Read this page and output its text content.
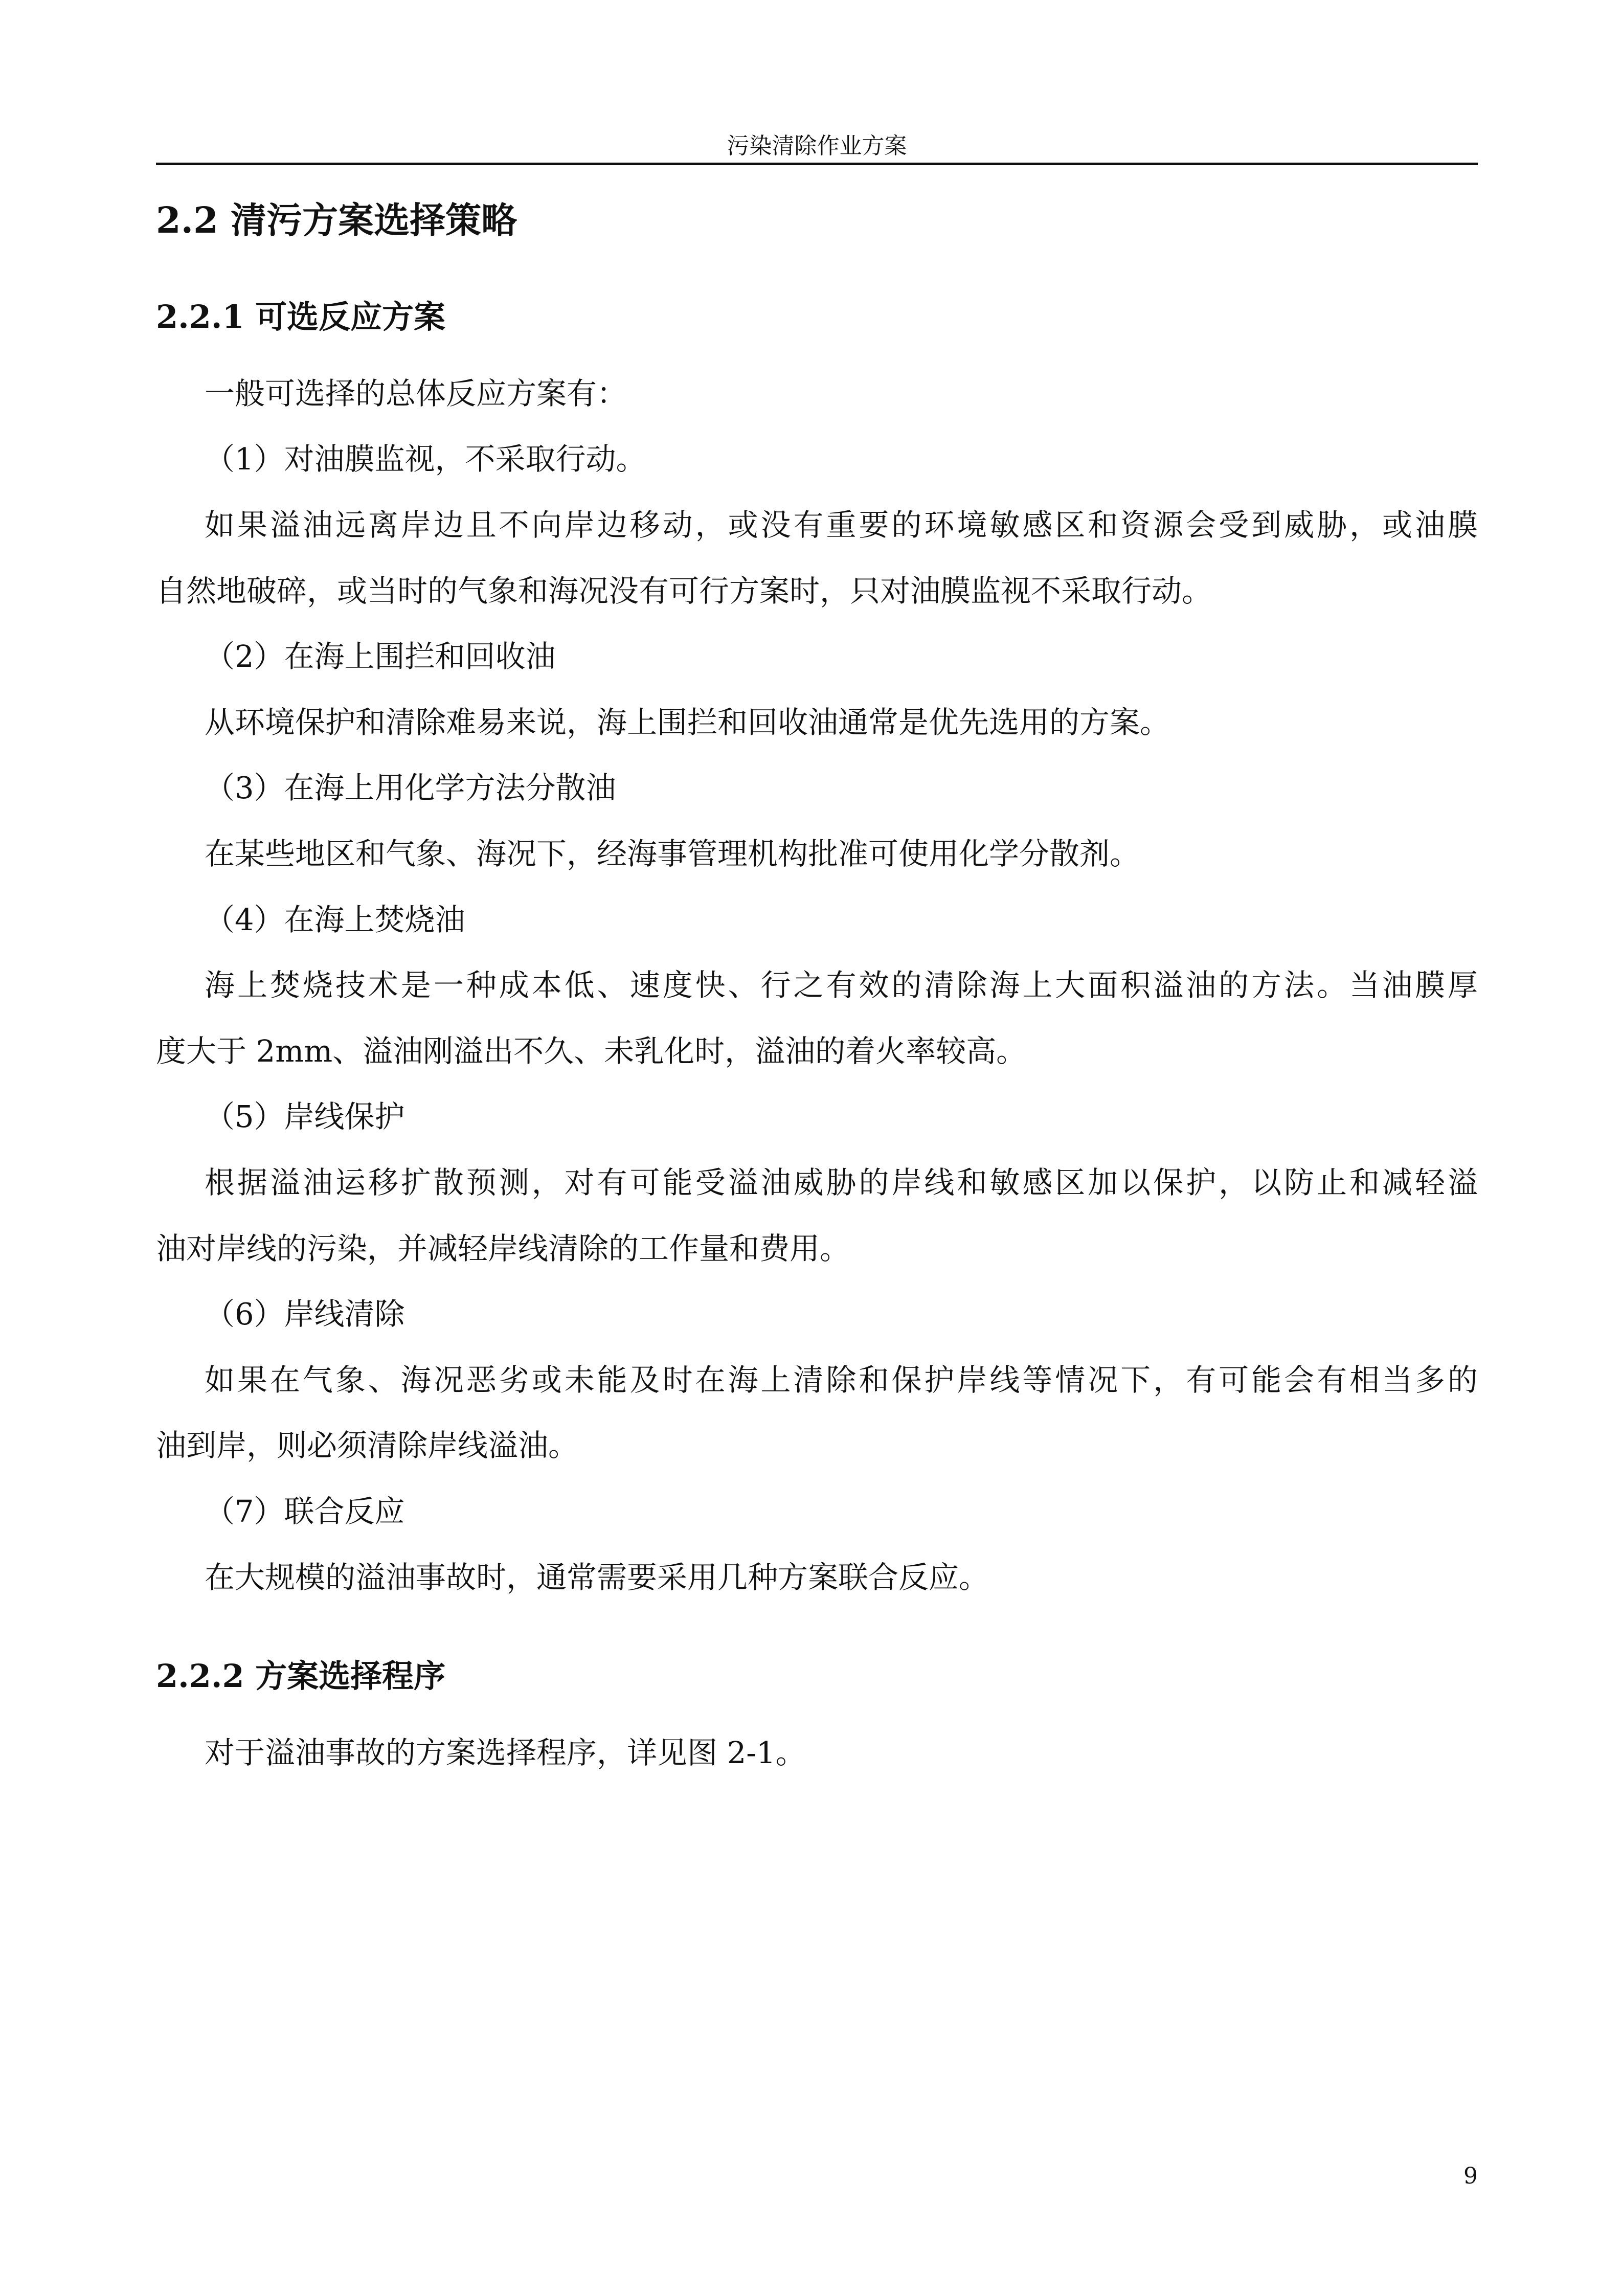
污染清除作业方案
2.2 清污方案选择策略
2.2.1 可选反应方案
一般可选择的总体反应方案有：
（1）对油膜监视，不采取行动。
如果溢油远离岸边且不向岸边移动，或没有重要的环境敏感区和资源会受到威胁，或油膜
自然地破碎，或当时的气象和海况没有可行方案时，只对油膜监视不采取行动。
（2）在海上围拦和回收油
从环境保护和清除难易来说，海上围拦和回收油通常是优先选用的方案。
（3）在海上用化学方法分散油
在某些地区和气象、海况下，经海事管理机构批准可使用化学分散剂。
（4）在海上焚烧油
海上焚烧技术是一种成本低、速度快、行之有效的清除海上大面积溢油的方法。当油膜厚
度大于 2mm、溢油刚溢出不久、未乳化时，溢油的着火率较高。
（5）岸线保护
根据溢油运移扩散预测，对有可能受溢油威胁的岸线和敏感区加以保护，以防止和减轻溢
油对岸线的污染，并减轻岸线清除的工作量和费用。
（6）岸线清除
如果在气象、海况恶劣或未能及时在海上清除和保护岸线等情况下，有可能会有相当多的
油到岸，则必须清除岸线溢油。
（7）联合反应
在大规模的溢油事故时，通常需要采用几种方案联合反应。
2.2.2 方案选择程序
对于溢油事故的方案选择程序，详见图 2-1。
9
